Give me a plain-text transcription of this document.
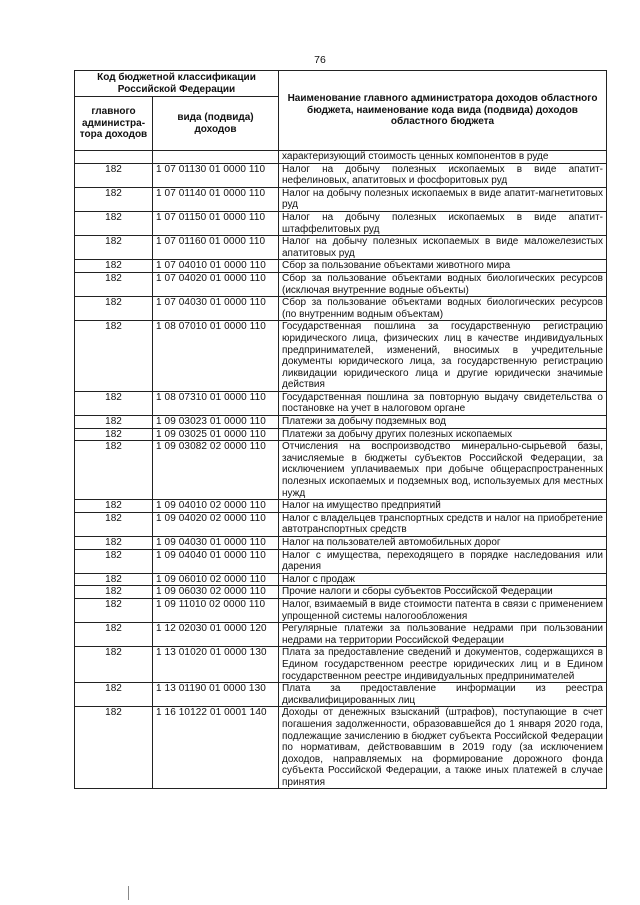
76
Код бюджетной классификации Российской Федерации		Наименование главного администратора доходов областного бюджета, наименование кода вида (подвида) доходов областного бюджета
главного администра-тора доходов	вида (подвида) доходов	
		характеризующий стоимость ценных компонентов в руде
182	1 07 01130 01 0000 110	Налог на добычу полезных ископаемых в виде апатит-нефелиновых, апатитовых и фосфоритовых руд
182	1 07 01140 01 0000 110	Налог на добычу полезных ископаемых в виде апатит-магнетитовых руд
182	1 07 01150 01 0000 110	Налог на добычу полезных ископаемых в виде апатит-штаффелитовых руд
182	1 07 01160 01 0000 110	Налог на добычу полезных ископаемых в виде маложелезистых апатитовых руд
182	1 07 04010 01 0000 110	Сбор за пользование объектами животного мира
182	1 07 04020 01 0000 110	Сбор за пользование объектами водных биологических ресурсов (исключая внутренние водные объекты)
182	1 07 04030 01 0000 110	Сбор за пользование объектами водных биологических ресурсов (по внутренним водным объектам)
182	1 08 07010 01 0000 110	Государственная пошлина за государственную регистрацию юридического лица, физических лиц в качестве индивидуальных предпринимателей, изменений, вносимых в учредительные документы юридического лица, за государственную регистрацию ликвидации юридического лица и другие юридически значимые действия
182	1 08 07310 01 0000 110	Государственная пошлина за повторную выдачу свидетельства о постановке на учет в налоговом органе
182	1 09 03023 01 0000 110	Платежи за добычу подземных вод
182	1 09 03025 01 0000 110	Платежи за добычу других полезных ископаемых
182	1 09 03082 02 0000 110	Отчисления на воспроизводство минерально-сырьевой базы, зачисляемые в бюджеты субъектов Российской Федерации, за исключением уплачиваемых при добыче общераспространенных полезных ископаемых и подземных вод, используемых для местных нужд
182	1 09 04010 02 0000 110	Налог на имущество предприятий
182	1 09 04020 02 0000 110	Налог с владельцев транспортных средств и налог на приобретение автотранспортных средств
182	1 09 04030 01 0000 110	Налог на пользователей автомобильных дорог
182	1 09 04040 01 0000 110	Налог с имущества, переходящего в порядке наследования или дарения
182	1 09 06010 02 0000 110	Налог с продаж
182	1 09 06030 02 0000 110	Прочие налоги и сборы субъектов Российской Федерации
182	1 09 11010 02 0000 110	Налог, взимаемый в виде стоимости патента в связи с применением упрощенной системы налогообложения
182	1 12 02030 01 0000 120	Регулярные платежи за пользование недрами при пользовании недрами на территории Российской Федерации
182	1 13 01020 01 0000 130	Плата за предоставление сведений и документов, содержащихся в Едином государственном реестре юридических лиц и в Едином государственном реестре индивидуальных предпринимателей
182	1 13 01190 01 0000 130	Плата за предоставление информации из реестра дисквалифицированных лиц
182	1 16 10122 01 0001 140	Доходы от денежных взысканий (штрафов), поступающие в счет погашения задолженности, образовавшейся до 1 января 2020 года, подлежащие зачислению в бюджет субъекта Российской Федерации по нормативам, действовавшим в 2019 году (за исключением доходов, направляемых на формирование дорожного фонда субъекта Российской Федерации, а также иных платежей в случае принятия
